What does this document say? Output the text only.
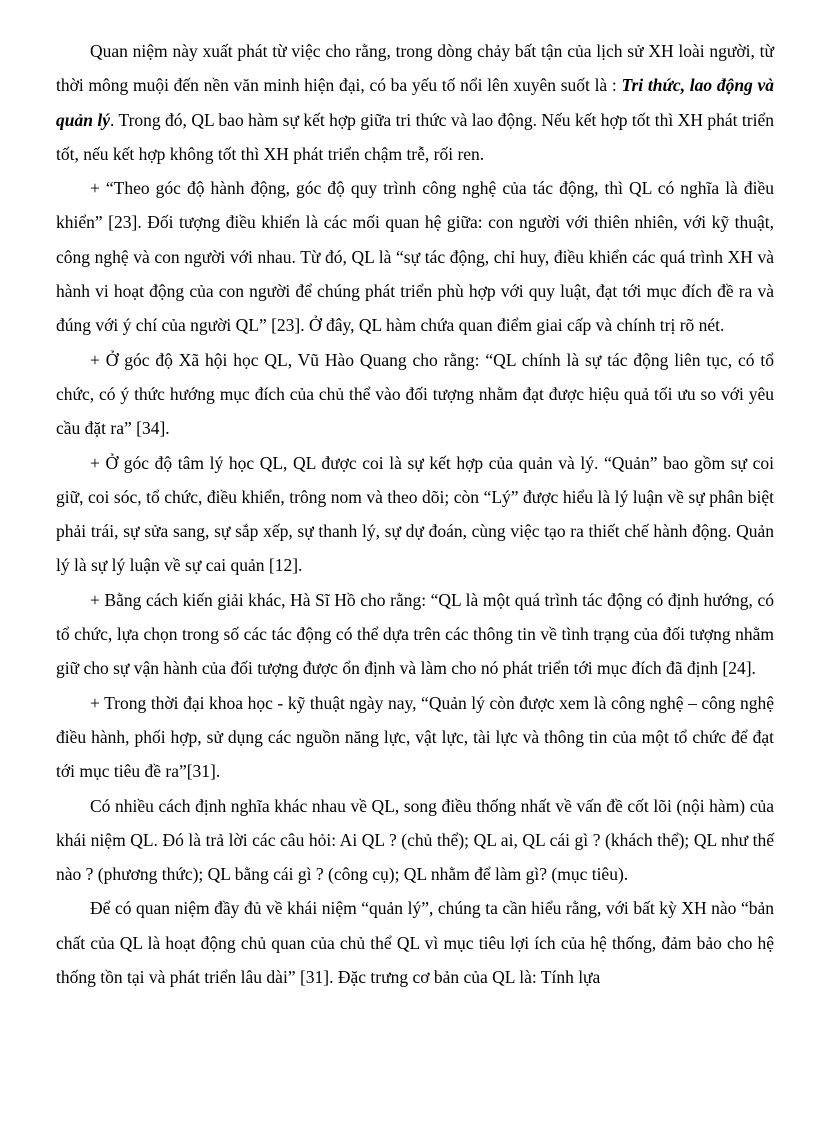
Quan niệm này xuất phát từ việc cho rằng, trong dòng chảy bất tận của lịch sử XH loài người, từ thời mông muội đến nền văn minh hiện đại, có ba yếu tố nổi lên xuyên suốt là : Tri thức, lao động và quản lý. Trong đó, QL bao hàm sự kết hợp giữa tri thức và lao động. Nếu kết hợp tốt thì XH phát triển tốt, nếu kết hợp không tốt thì XH phát triển chậm trễ, rối ren.

+ “Theo góc độ hành động, góc độ quy trình công nghệ của tác động, thì QL có nghĩa là điều khiển” [23]. Đối tượng điều khiển là các mối quan hệ giữa: con người với thiên nhiên, với kỹ thuật, công nghệ và con người với nhau. Từ đó, QL là “sự tác động, chỉ huy, điều khiển các quá trình XH và hành vi hoạt động của con người để chúng phát triển phù hợp với quy luật, đạt tới mục đích đề ra và đúng với ý chí của người QL” [23]. Ở đây, QL hàm chứa quan điểm giai cấp và chính trị rõ nét.

+ Ở góc độ Xã hội học QL, Vũ Hào Quang cho rằng: “QL chính là sự tác động liên tục, có tổ chức, có ý thức hướng mục đích của chủ thể vào đối tượng nhằm đạt được hiệu quả tối ưu so với yêu cầu đặt ra” [34].

+ Ở góc độ tâm lý học QL, QL được coi là sự kết hợp của quản và lý. “Quản” bao gồm sự coi giữ, coi sóc, tổ chức, điều khiển, trông nom và theo dõi; còn “Lý” được hiểu là lý luận về sự phân biệt phải trái, sự sửa sang, sự sắp xếp, sự thanh lý, sự dự đoán, cùng việc tạo ra thiết chế hành động. Quản lý là sự lý luận về sự cai quản [12].

+ Bằng cách kiến giải khác, Hà Sĩ Hồ cho rằng: “QL là một quá trình tác động có định hướng, có tổ chức, lựa chọn trong số các tác động có thể dựa trên các thông tin về tình trạng của đối tượng nhằm giữ cho sự vận hành của đối tượng được ổn định và làm cho nó phát triển tới mục đích đã định [24].

+ Trong thời đại khoa học - kỹ thuật ngày nay, “Quản lý còn được xem là công nghệ – công nghệ điều hành, phối hợp, sử dụng các nguồn năng lực, vật lực, tài lực và thông tin của một tổ chức để đạt tới mục tiêu đề ra”[31].

Có nhiều cách định nghĩa khác nhau về QL, song điều thống nhất về vấn đề cốt lõi (nội hàm) của khái niệm QL. Đó là trả lời các câu hỏi: Ai QL ? (chủ thể); QL ai, QL cái gì ? (khách thể); QL như thế nào ? (phương thức); QL bằng cái gì ? (công cụ); QL nhằm để làm gì? (mục tiêu).

Để có quan niệm đầy đủ về khái niệm “quản lý”, chúng ta cần hiểu rằng, với bất kỳ XH nào “bản chất của QL là hoạt động chủ quan của chủ thể QL vì mục tiêu lợi ích của hệ thống, đảm bảo cho hệ thống tồn tại và phát triển lâu dài” [31]. Đặc trưng cơ bản của QL là: Tính lựa
